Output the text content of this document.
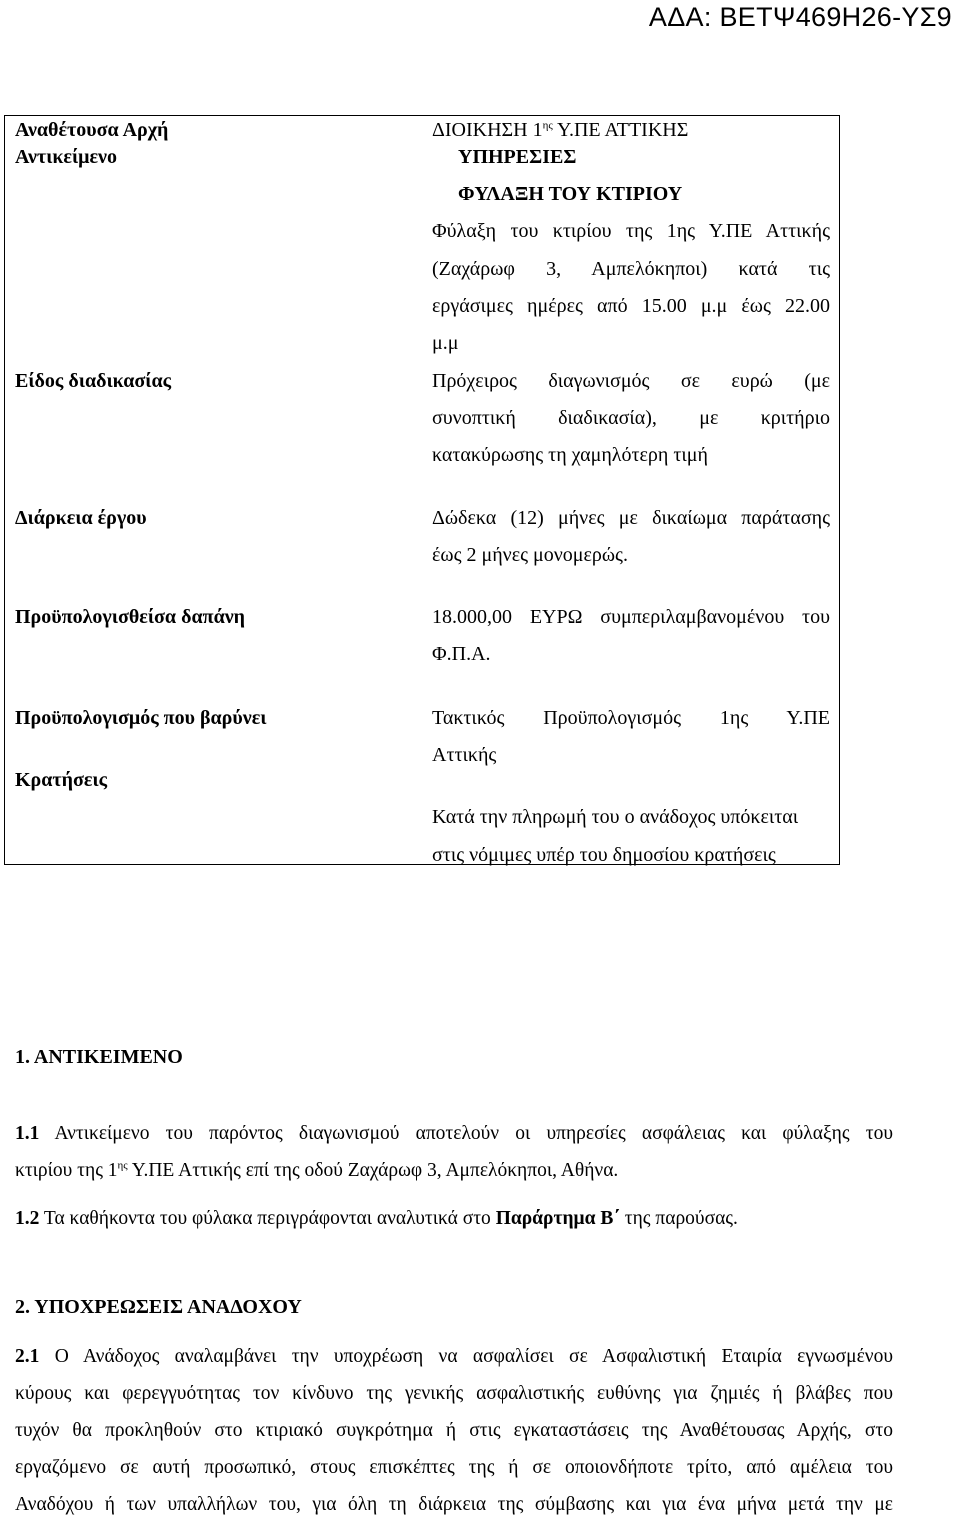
ΑΔΑ: ΒΕΤΨ469Η26-ΥΣ9
Αναθέτουσα Αρχή
Αντικείμενο
Είδος διαδικασίας
Διάρκεια έργου
Προϋπολογισθείσα δαπάνη
Προϋπολογισμός που βαρύνει
Κρατήσεις
ΔΙΟΙΚΗΣΗ $1^{\eta\varsigma}$ Υ.ΠΕ ΑΤΤΙΚΗΣ
ΥΠΗΡΕΣΙΕΣ
ΦΥΛΑΞΗ ΤΟΥ ΚΤΙΡΙΟΥ
Φύλαξη του κτιρίου της 1ης Υ.ΠΕ Αττικής
(Ζαχάρωφ 3, Αμπελόκηποι) κατά τις
εργάσιμες ημέρες από 15.00 μ.μ έως 22.00
μ.μ
Πρόχειρος διαγωνισμός σε ευρώ (με
συνοπτική διαδικασία), με κριτήριο
κατακύρωσης τη χαμηλότερη τιμή
Δώδεκα (12) μήνες με δικαίωμα παράτασης
έως 2 μήνες μονομερώς.
18.000,00 ΕΥΡΩ συμπεριλαμβανομένου του
Φ.Π.Α.
Τακτικός Προϋπολογισμός 1ης Υ.ΠΕ
Αττικής
Κατά την πληρωμή του ο ανάδοχος υπόκειται
στις νόμιμες υπέρ του δημοσίου κρατήσεις
1. ΑΝΤΙΚΕΙΜΕΝΟ
1.1 Αντικείμενο του παρόντος διαγωνισμού αποτελούν οι υπηρεσίες ασφάλειας και φύλαξης του
κτιρίου της $1^{\eta\varsigma}$ Υ.ΠΕ Αττικής επί της οδού Ζαχάρωφ 3, Αμπελόκηποι, Αθήνα.
1.2 Τα καθήκοντα του φύλακα περιγράφονται αναλυτικά στο Παράρτημα Β΄ της παρούσας.
2. ΥΠΟΧΡΕΩΣΕΙΣ ΑΝΑΔΟΧΟΥ
2.1 Ο Ανάδοχος αναλαμβάνει την υποχρέωση να ασφαλίσει σε Ασφαλιστική Εταιρία εγνωσμένου
κύρους και φερεγγυότητας τον κίνδυνο της γενικής ασφαλιστικής ευθύνης για ζημιές ή βλάβες που
τυχόν θα προκληθούν στο κτιριακό συγκρότημα ή στις εγκαταστάσεις της Αναθέτουσας Αρχής, στο
εργαζόμενο σε αυτή προσωπικό, στους επισκέπτες της ή σε οποιονδήποτε τρίτο, από αμέλεια του
Αναδόχου ή των υπαλλήλων του, για όλη τη διάρκεια της σύμβασης και για ένα μήνα μετά την με
